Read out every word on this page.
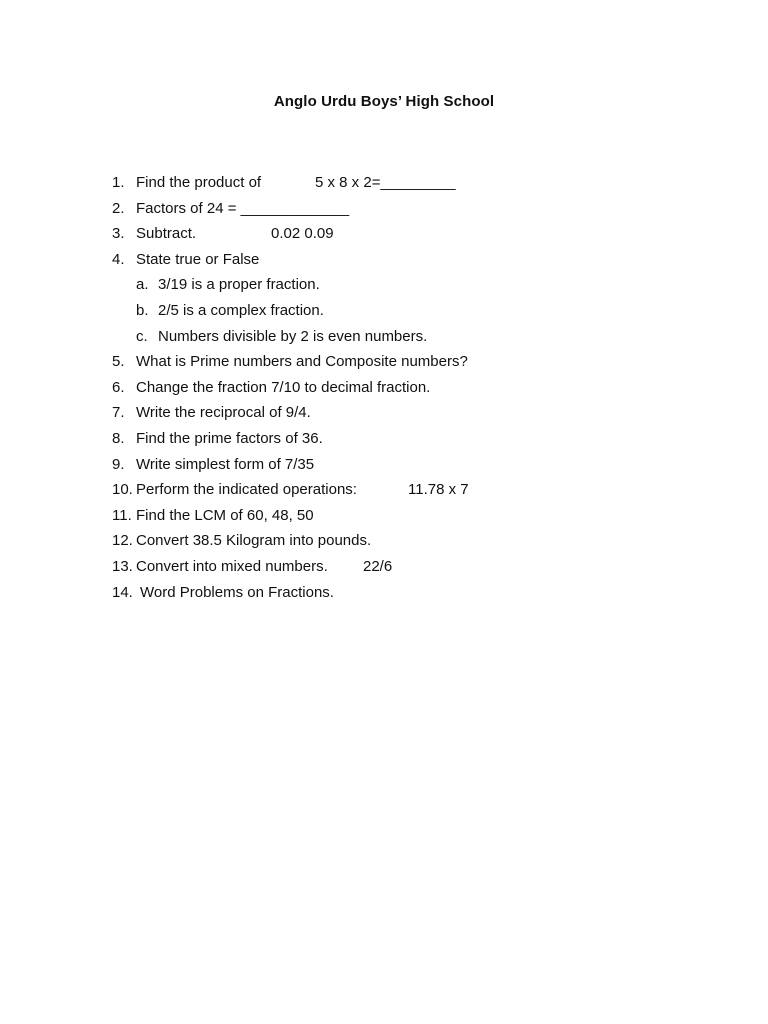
Anglo Urdu Boys’ High School
1. Find the product of	5 x 8 x 2=_________
2. Factors of 24 = _____________
3. Subtract.	0.02 0.09
4. State true or False
a. 3/19 is a proper fraction.
b. 2/5 is a complex fraction.
c. Numbers divisible by 2 is even numbers.
5. What is Prime numbers and Composite numbers?
6. Change the fraction 7/10 to decimal fraction.
7. Write the reciprocal of 9/4.
8. Find the prime factors of 36.
9. Write simplest form of 7/35
10. Perform the indicated operations:	11.78 x 7
11. Find the LCM of 60, 48, 50
12. Convert 38.5 Kilogram into pounds.
13. Convert into mixed numbers. 22/6
14. Word Problems on Fractions.
